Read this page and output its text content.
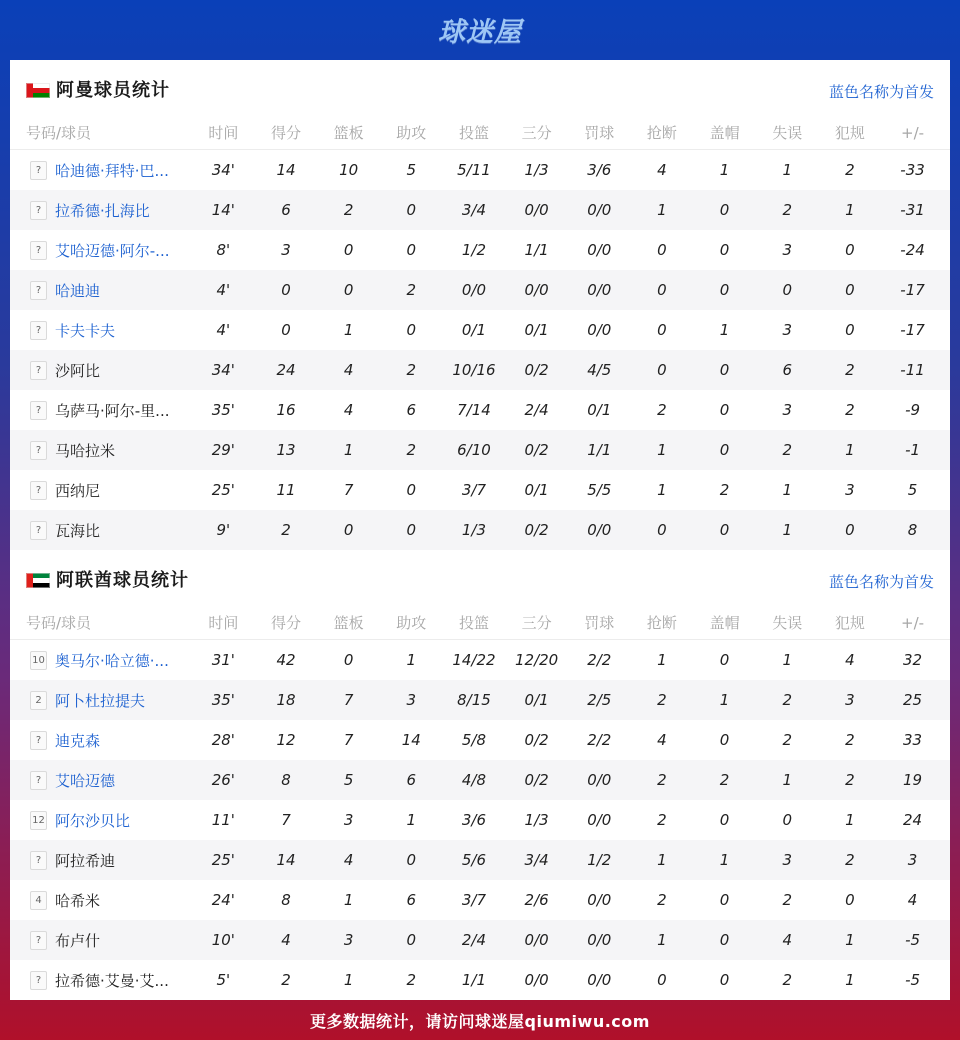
球迷屋
阿曼球员统计	蓝色名称为首发
号码/球员	时间	得分	篮板	助攻	投篮	三分	罚球	抢断	盖帽	失误	犯规	+/-
? 哈迪德·拜特·巴...	34'	14	10	5	5/11	1/3	3/6	4	1	1	2	-33
? 拉希德·扎海比	14'	6	2	0	3/4	0/0	0/0	1	0	2	1	-31
? 艾哈迈德·阿尔-...	8'	3	0	0	1/2	1/1	0/0	0	0	3	0	-24
? 哈迪迪	4'	0	0	2	0/0	0/0	0/0	0	0	0	0	-17
? 卡夫卡夫	4'	0	1	0	0/1	0/1	0/0	0	1	3	0	-17
? 沙阿比	34'	24	4	2	10/16	0/2	4/5	0	0	6	2	-11
? 乌萨马·阿尔-里...	35'	16	4	6	7/14	2/4	0/1	2	0	3	2	-9
? 马哈拉米	29'	13	1	2	6/10	0/2	1/1	1	0	2	1	-1
? 西纳尼	25'	11	7	0	3/7	0/1	5/5	1	2	1	3	5
? 瓦海比	9'	2	0	0	1/3	0/2	0/0	0	0	1	0	8
阿联酋球员统计	蓝色名称为首发
号码/球员	时间	得分	篮板	助攻	投篮	三分	罚球	抢断	盖帽	失误	犯规	+/-
10 奥马尔·哈立德·...	31'	42	0	1	14/22	12/20	2/2	1	0	1	4	32
2 阿卜杜拉提夫	35'	18	7	3	8/15	0/1	2/5	2	1	2	3	25
? 迪克森	28'	12	7	14	5/8	0/2	2/2	4	0	2	2	33
? 艾哈迈德	26'	8	5	6	4/8	0/2	0/0	2	2	1	2	19
12 阿尔沙贝比	11'	7	3	1	3/6	1/3	0/0	2	0	0	1	24
? 阿拉希迪	25'	14	4	0	5/6	3/4	1/2	1	1	3	2	3
4 哈希米	24'	8	1	6	3/7	2/6	0/0	2	0	2	0	4
? 布卢什	10'	4	3	0	2/4	0/0	0/0	1	0	4	1	-5
? 拉希德·艾曼·艾...	5'	2	1	2	1/1	0/0	0/0	0	0	2	1	-5
更多数据统计，请访问球迷屋qiumiwu.com
